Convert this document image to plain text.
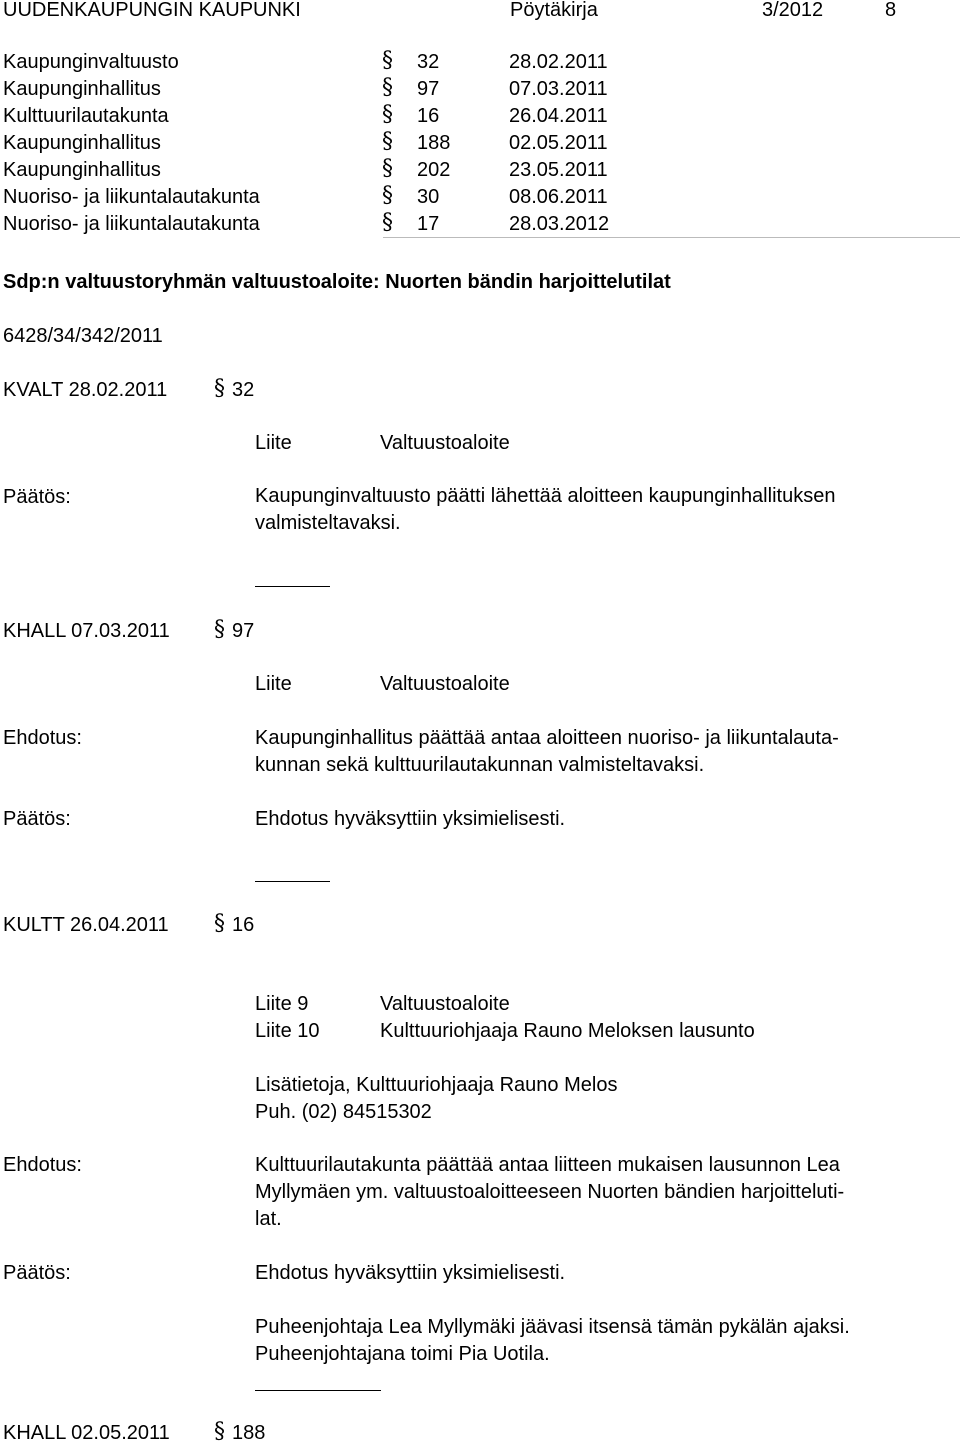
UUDENKAUPUNGIN KAUPUNKI	Pöytäkirja	3/2012	8
Kaupunginvaltuusto	§ 32	28.02.2011
Kaupunginhallitus	§ 97	07.03.2011
Kulttuurilautakunta	§ 16	26.04.2011
Kaupunginhallitus	§ 188	02.05.2011
Kaupunginhallitus	§ 202	23.05.2011
Nuoriso- ja liikuntalautakunta	§ 30	08.06.2011
Nuoriso- ja liikuntalautakunta	§ 17	28.03.2012
Sdp:n valtuustoryhmän valtuustoaloite: Nuorten bändin harjoittelutilat
6428/34/342/2011
KVALT 28.02.2011 § 32
Liite	Valtuustoaloite
Päätös:	Kaupunginvaltuusto päätti lähettää aloitteen kaupunginhallituksen valmisteltavaksi.
KHALL 07.03.2011 § 97
Liite	Valtuustoaloite
Ehdotus:	Kaupunginhallitus päättää antaa aloitteen nuoriso- ja liikuntalauta-
kunnan sekä kulttuurilautakunnan valmisteltavaksi.
Päätös:	Ehdotus hyväksyttiin yksimielisesti.
KULTT 26.04.2011 § 16
Liite 9	Valtuustoaloite
Liite 10	Kulttuuriohjaaja Rauno Meloksen lausunto
Lisätietoja, Kulttuuriohjaaja Rauno Melos
Puh. (02) 84515302
Ehdotus:	Kulttuurilautakunta päättää antaa liitteen mukaisen lausunnon Lea
Myllymäen ym. valtuustoaloitteeseen Nuorten bändien harjoitteluti-
lat.
Päätös:	Ehdotus hyväksyttiin yksimielisesti.
Puheenjohtaja Lea Myllymäki jäävasi itsensä tämän pykälän ajaksi.
Puheenjohtajana toimi Pia Uotila.
KHALL 02.05.2011 § 188
